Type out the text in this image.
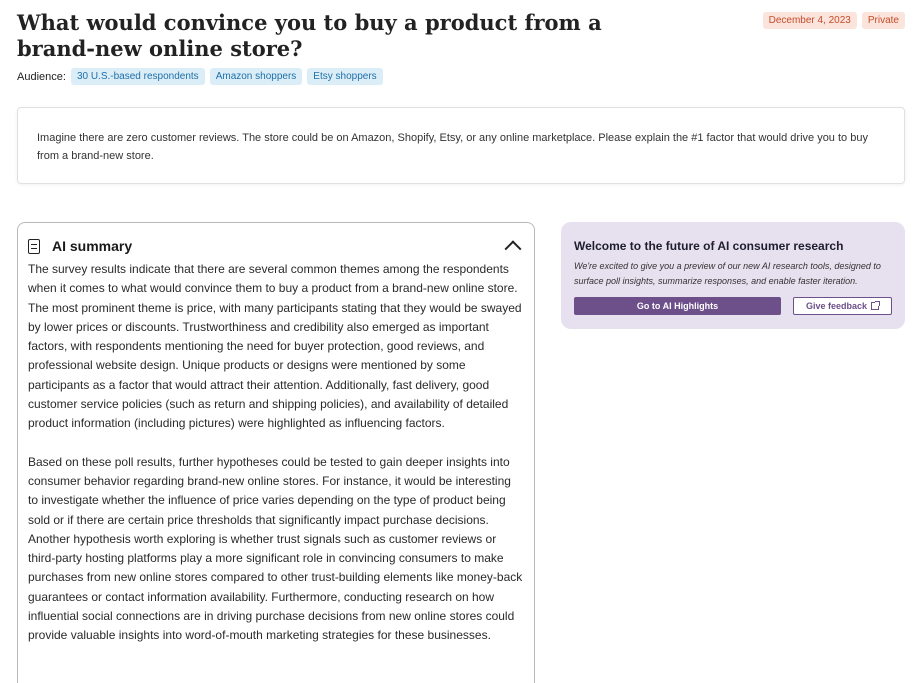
What would convince you to buy a product from a brand-new online store?
December 4, 2023	Private
Audience:	30 U.S.-based respondents	Amazon shoppers	Etsy shoppers
Imagine there are zero customer reviews. The store could be on Amazon, Shopify, Etsy, or any online marketplace. Please explain the #1 factor that would drive you to buy from a brand-new store.
AI summary

The survey results indicate that there are several common themes among the respondents when it comes to what would convince them to buy a product from a brand-new online store. The most prominent theme is price, with many participants stating that they would be swayed by lower prices or discounts. Trustworthiness and credibility also emerged as important factors, with respondents mentioning the need for buyer protection, good reviews, and professional website design. Unique products or designs were mentioned by some participants as a factor that would attract their attention. Additionally, fast delivery, good customer service policies (such as return and shipping policies), and availability of detailed product information (including pictures) were highlighted as influencing factors.

Based on these poll results, further hypotheses could be tested to gain deeper insights into consumer behavior regarding brand-new online stores. For instance, it would be interesting to investigate whether the influence of price varies depending on the type of product being sold or if there are certain price thresholds that significantly impact purchase decisions. Another hypothesis worth exploring is whether trust signals such as customer reviews or third-party hosting platforms play a more significant role in convincing consumers to make purchases from new online stores compared to other trust-building elements like money-back guarantees or contact information availability. Furthermore, conducting research on how influential social connections are in driving purchase decisions from new online stores could provide valuable insights into word-of-mouth marketing strategies for these businesses.

Welcome to the future of AI consumer research
We're excited to give you a preview of our new AI research tools, designed to surface poll insights, summarize responses, and enable faster iteration.
Go to AI Highlights	Give feedback
